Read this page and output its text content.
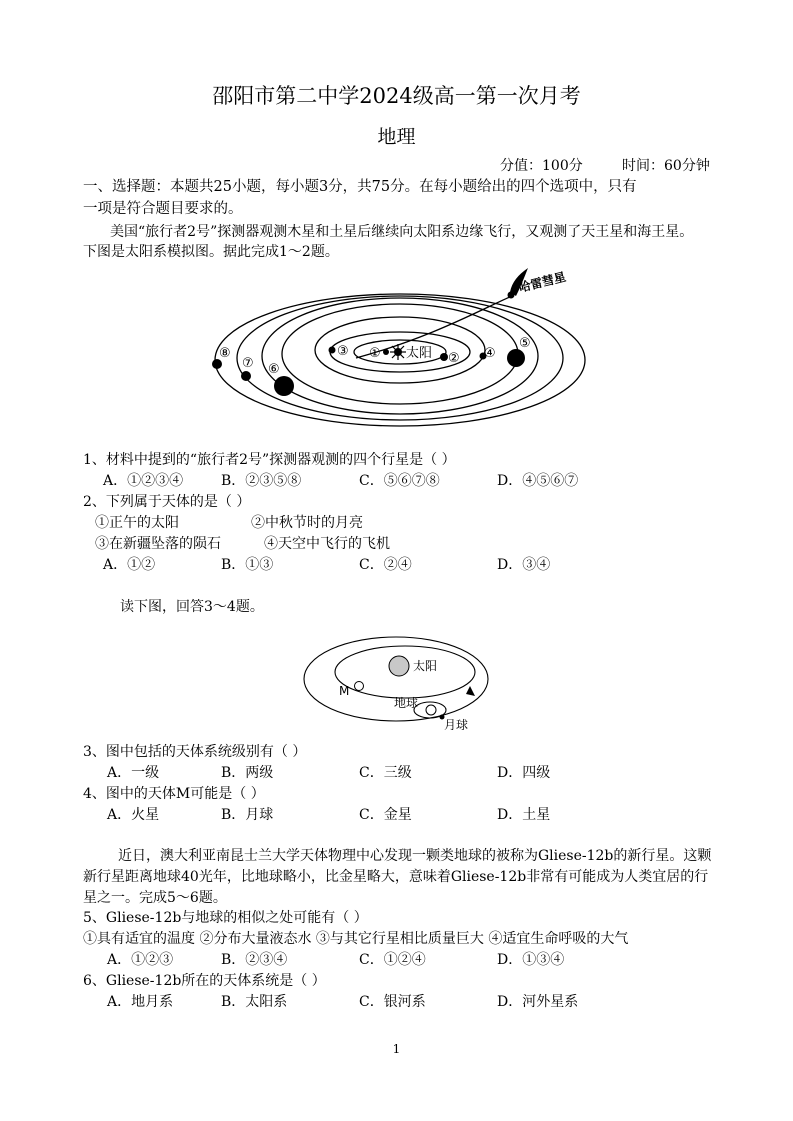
邵阳市第二中学2024级高一第一次月考
地理
分值：100分	时间：60分钟
一、选择题：本题共25小题，每小题3分，共75分。在每小题给出的四个选项中，只有
一项是符合题目要求的。
美国“旅行者2号”探测器观测木星和土星后继续向太阳系边缘飞行，又观测了天王星和海王星。
下图是太阳系模拟图。据此完成1～2题。
太阳
①	②
③	④
⑤
⑥
⑦
⑧
哈雷彗星
1、材料中提到的“旅行者2号”探测器观测的四个行星是（ ）
A．①②③④	B．②③⑤⑧	C．⑤⑥⑦⑧	D．④⑤⑥⑦
2、下列属于天体的是（ ）
①正午的太阳	②中秋节时的月亮
③在新疆坠落的陨石	④天空中飞行的飞机
A．①②	B．①③	C．②④	D．③④
读下图，回答3～4题。
太阳
M
地球
月球
3、图中包括的天体系统级别有（ ）
A．一级	B．两级	C．三级	D．四级
4、图中的天体M可能是（ ）
A．火星	B．月球	C．金星	D．土星
近日，澳大利亚南昆士兰大学天体物理中心发现一颗类地球的被称为Gliese-12b的新行星。这颗
新行星距离地球40光年，比地球略小，比金星略大，意味着Gliese-12b非常有可能成为人类宜居的行
星之一。完成5～6题。
5、Gliese-12b与地球的相似之处可能有（ ）
①具有适宜的温度 ②分布大量液态水 ③与其它行星相比质量巨大 ④适宜生命呼吸的大气
A．①②③	B．②③④	C．①②④	D．①③④
6、Gliese-12b所在的天体系统是（ ）
A．地月系	B．太阳系	C．银河系	D．河外星系
1
